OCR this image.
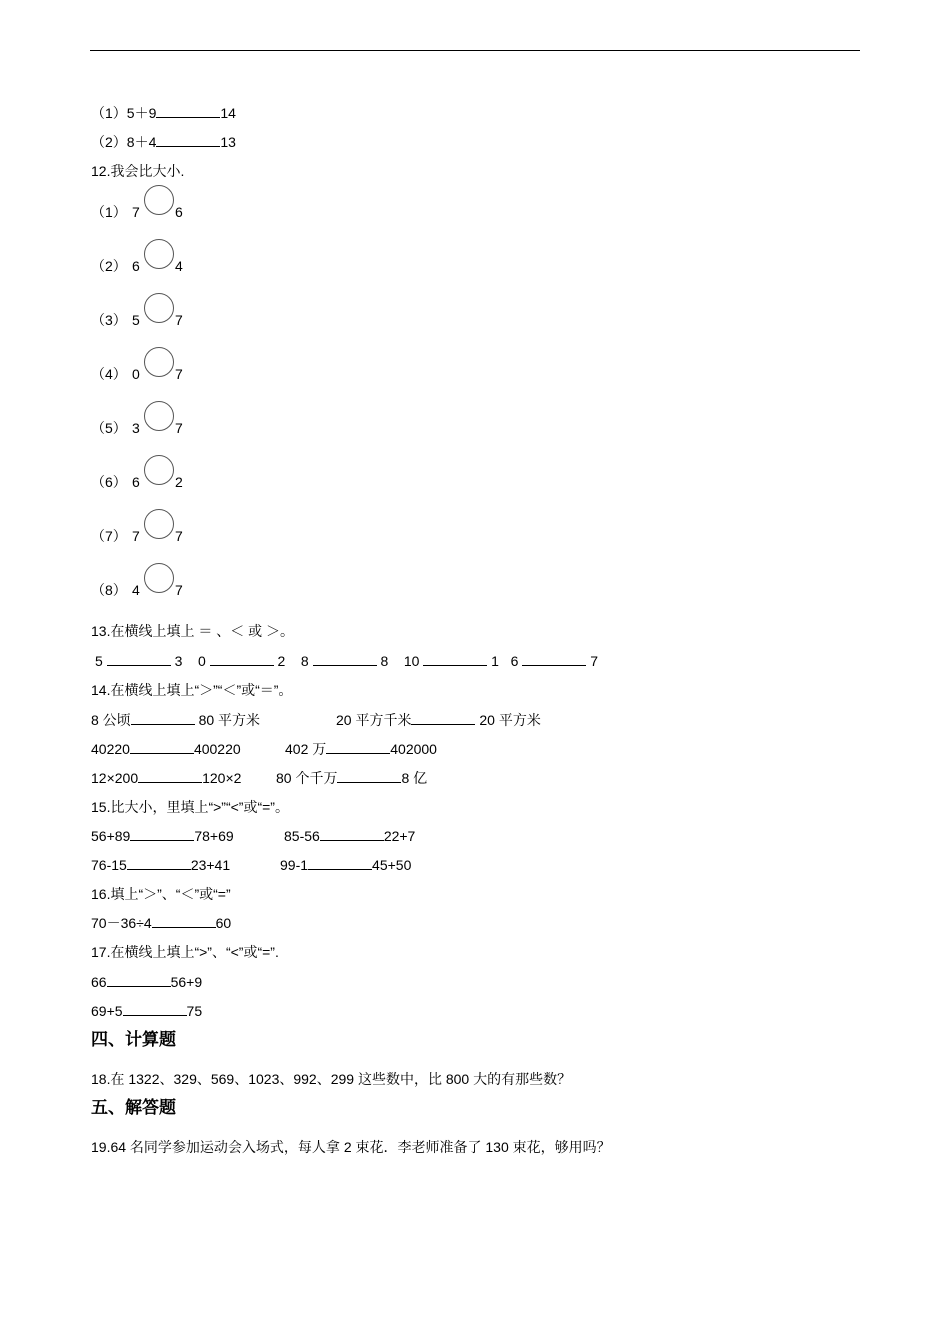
（1）5＋9	14
（2）8＋4	13
12.我会比大小.
（1） 7	6
（2） 6	4
（3） 5	7
（4） 0	7
（5） 3	7
（6） 6	2
（7） 7	7
（8） 4	7
13.在横线上填上 ＝ 、＜ 或 ＞。
5	3 0	2 8	8 10	1 6	7
14.在横线上填上“＞”“＜”或“＝”。
8 公顷	80 平方米	20 平方千米	20 平方米
40220	400220	402 万	402000
12×200	120×2 80 个千万	8 亿
15.比大小，里填上“>”“<”或“=”。
56+89	78+69	85-56	22+7
76-15	23+41	99-1	45+50
16.填上“＞”、“＜”或“=”
70－36÷4	60
17.在横线上填上“>”、“<”或“=”.
66	56+9
69+5	75
四、计算题
18.在 1322、329、569、1023、992、299 这些数中，比 800 大的有那些数？
五、解答题
19.64 名同学参加运动会入场式，每人拿 2 束花．李老师准备了 130 束花，够用吗？
